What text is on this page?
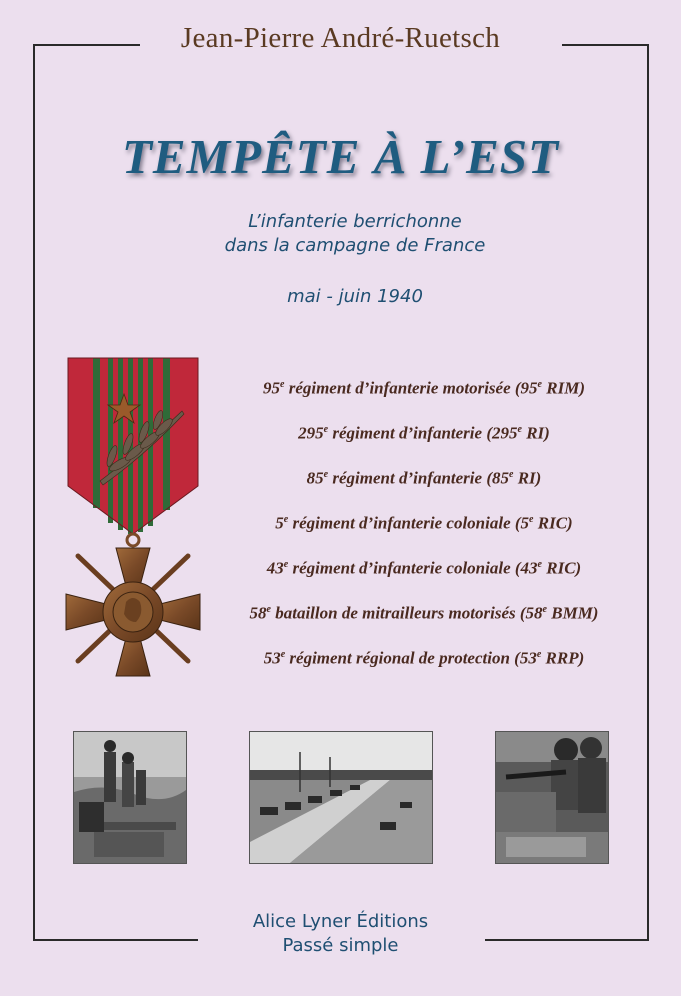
Jean-Pierre André-Ruetsch
TEMPÊTE À L’EST
L’infanterie berrichonne
dans la campagne de France
mai - juin 1940
95e régiment d’infanterie motorisée (95e RIM)
295e régiment d’infanterie (295e RI)
85e régiment d’infanterie (85e RI)
5e régiment d’infanterie coloniale (5e RIC)
43e régiment d’infanterie coloniale (43e RIC)
58e bataillon de mitrailleurs motorisés (58e BMM)
53e régiment régional de protection (53e RRP)
Alice Lyner Éditions
Passé simple
